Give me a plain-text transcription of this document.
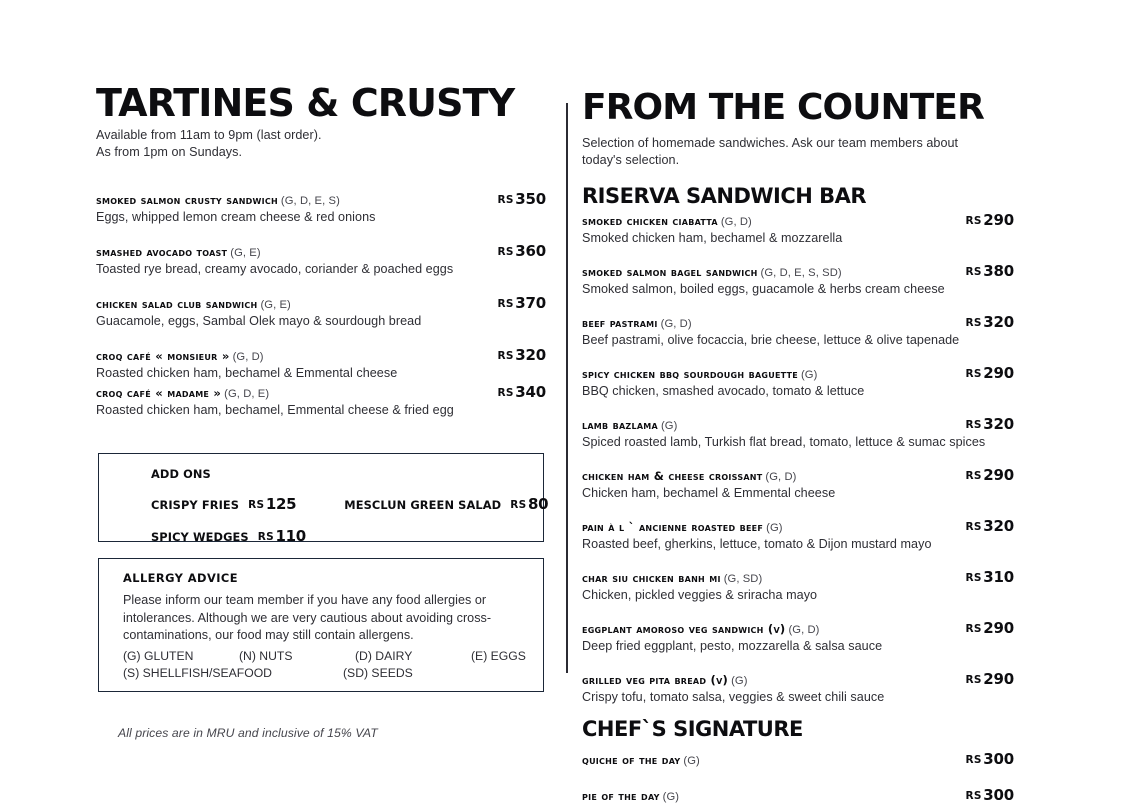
TARTINES & CRUSTY
Available from 11am to 9pm (last order).
As from 1pm on Sundays.
smoked salmon crusty sandwich (G, D, E, S)	RS 350
Eggs, whipped lemon cream cheese & red onions
smashed avocado toast (G, E)	RS 360
Toasted rye bread, creamy avocado, coriander & poached eggs
chicken salad club sandwich (G, E)	RS 370
Guacamole, eggs, Sambal Olek mayo & sourdough bread
croq café « monsieur » (G, D)	RS 320
Roasted chicken ham, bechamel & Emmental cheese
croq café « madame » (G, D, E)	RS 340
Roasted chicken ham, bechamel, Emmental cheese & fried egg
ADD ONS
CRISPY FRIES RS 125	MESCLUN GREEN SALAD RS 80
SPICY WEDGES RS 110
ALLERGY ADVICE
Please inform our team member if you have any food allergies or intolerances. Although we are very cautious about avoiding cross-contaminations, our food may still contain allergens.
(G) GLUTEN	(N) NUTS	(D) DAIRY	(E) EGGS
(S) SHELLFISH/SEAFOOD	(SD) SEEDS
All prices are in MRU and inclusive of 15% VAT
FROM THE COUNTER
Selection of homemade sandwiches. Ask our team members about
today's selection.
RISERVA SANDWICH BAR
smoked chicken ciabatta (G, D)	RS 290
Smoked chicken ham, bechamel & mozzarella
smoked salmon bagel sandwich (G, D, E, S, SD)	RS 380
Smoked salmon, boiled eggs, guacamole & herbs cream cheese
beef pastrami (G, D)	RS 320
Beef pastrami, olive focaccia, brie cheese, lettuce & olive tapenade
spicy chicken bbq sourdough baguette (G)	RS 290
BBQ chicken, smashed avocado, tomato & lettuce
lamb bazlama (G)	RS 320
Spiced roasted lamb, Turkish flat bread, tomato, lettuce & sumac spices
chicken ham & cheese croissant (G, D)	RS 290
Chicken ham, bechamel & Emmental cheese
pain à l ` ancienne roasted beef (G)	RS 320
Roasted beef, gherkins, lettuce, tomato & Dijon mustard mayo
char siu chicken banh mi (G, SD)	RS 310
Chicken, pickled veggies & sriracha mayo
eggplant amoroso veg sandwich (v) (G, D)	RS 290
Deep fried eggplant, pesto, mozzarella & salsa sauce
grilled veg pita bread (v) (G)	RS 290
Crispy tofu, tomato salsa, veggies & sweet chili sauce
CHEF`S SIGNATURE
quiche of the day (G)	RS 300
pie of the day (G)	RS 300
